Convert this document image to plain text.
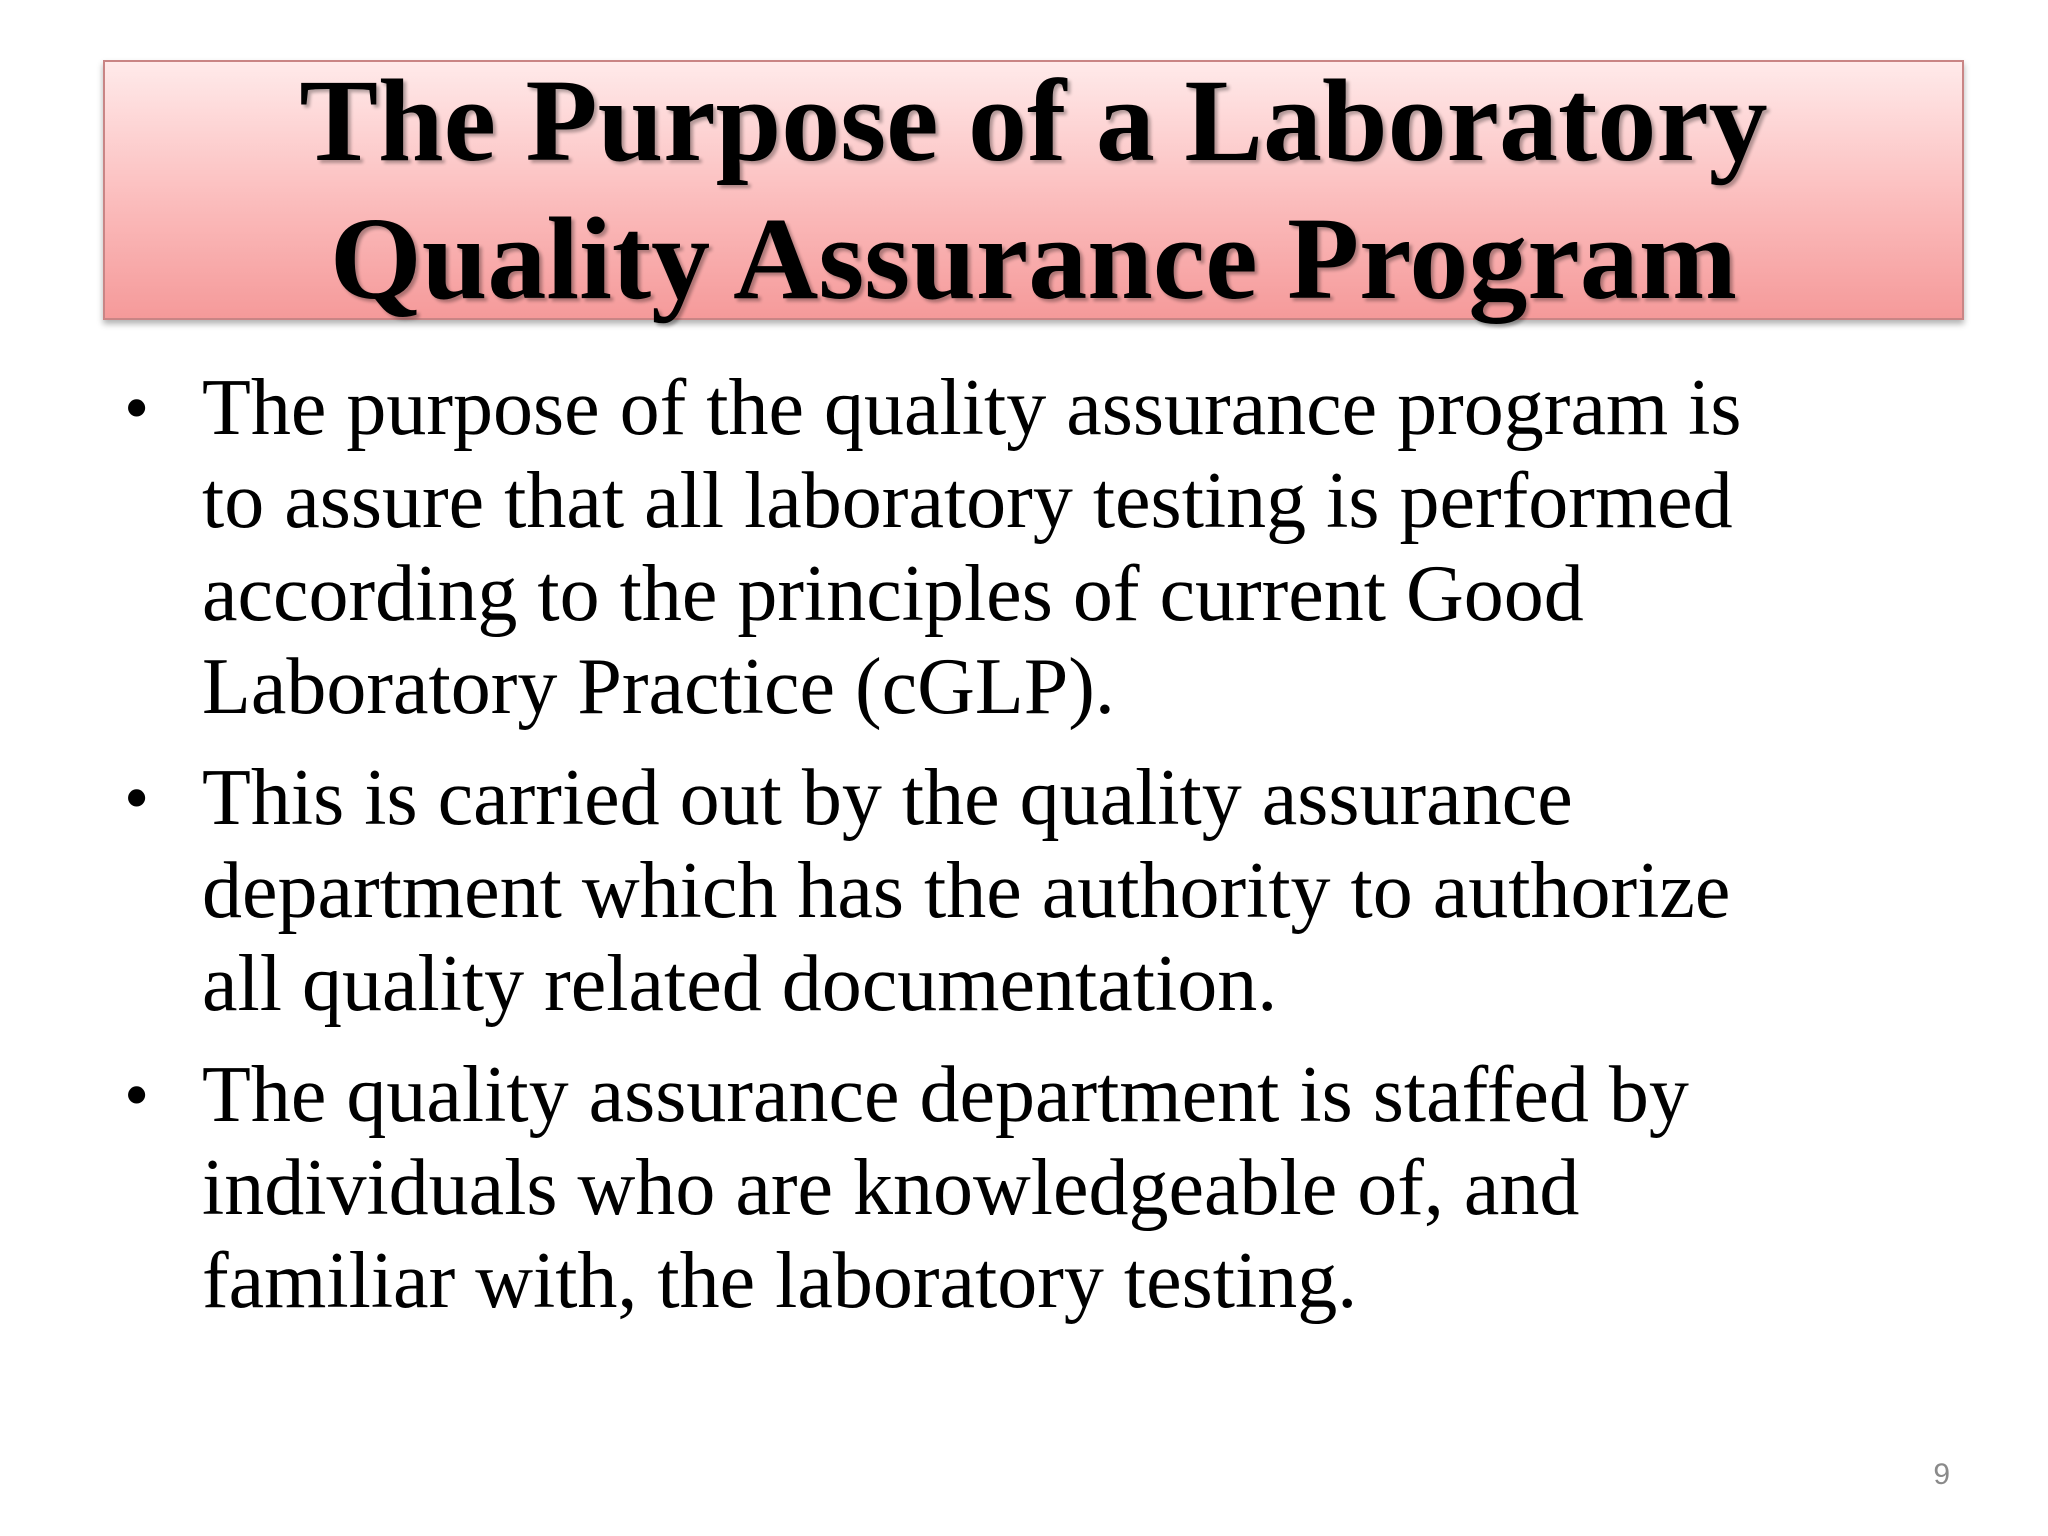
The Purpose of a Laboratory
Quality Assurance Program
• The purpose of the quality assurance program is
to assure that all laboratory testing is performed
according to the principles of current Good
Laboratory Practice (cGLP).
• This is carried out by the quality assurance
department which has the authority to authorize
all quality related documentation.
• The quality assurance department is staffed by
individuals who are knowledgeable of, and
familiar with, the laboratory testing.
9
